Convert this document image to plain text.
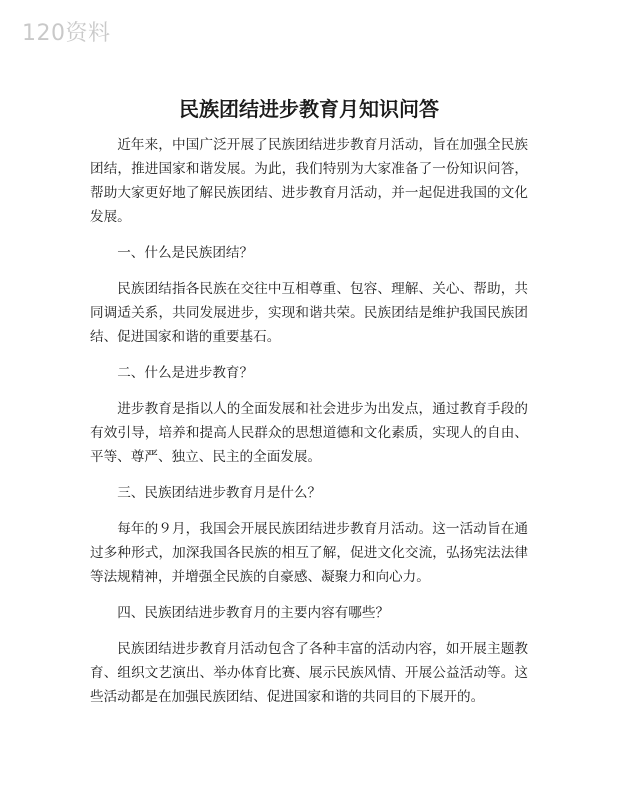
120资料
民族团结进步教育月知识问答

近年来，中国广泛开展了民族团结进步教育月活动，旨在加强全民族团结，推进国家和谐发展。为此，我们特别为大家准备了一份知识问答，帮助大家更好地了解民族团结、进步教育月活动，并一起促进我国的文化发展。

一、什么是民族团结？

民族团结指各民族在交往中互相尊重、包容、理解、关心、帮助，共同调适关系，共同发展进步，实现和谐共荣。民族团结是维护我国民族团结、促进国家和谐的重要基石。

二、什么是进步教育？

进步教育是指以人的全面发展和社会进步为出发点，通过教育手段的有效引导，培养和提高人民群众的思想道德和文化素质，实现人的自由、平等、尊严、独立、民主的全面发展。

三、民族团结进步教育月是什么？

每年的９月，我国会开展民族团结进步教育月活动。这一活动旨在通过多种形式，加深我国各民族的相互了解，促进文化交流，弘扬宪法法律等法规精神，并增强全民族的自豪感、凝聚力和向心力。

四、民族团结进步教育月的主要内容有哪些？

民族团结进步教育月活动包含了各种丰富的活动内容，如开展主题教育、组织文艺演出、举办体育比赛、展示民族风情、开展公益活动等。这些活动都是在加强民族团结、促进国家和谐的共同目的下展开的。
